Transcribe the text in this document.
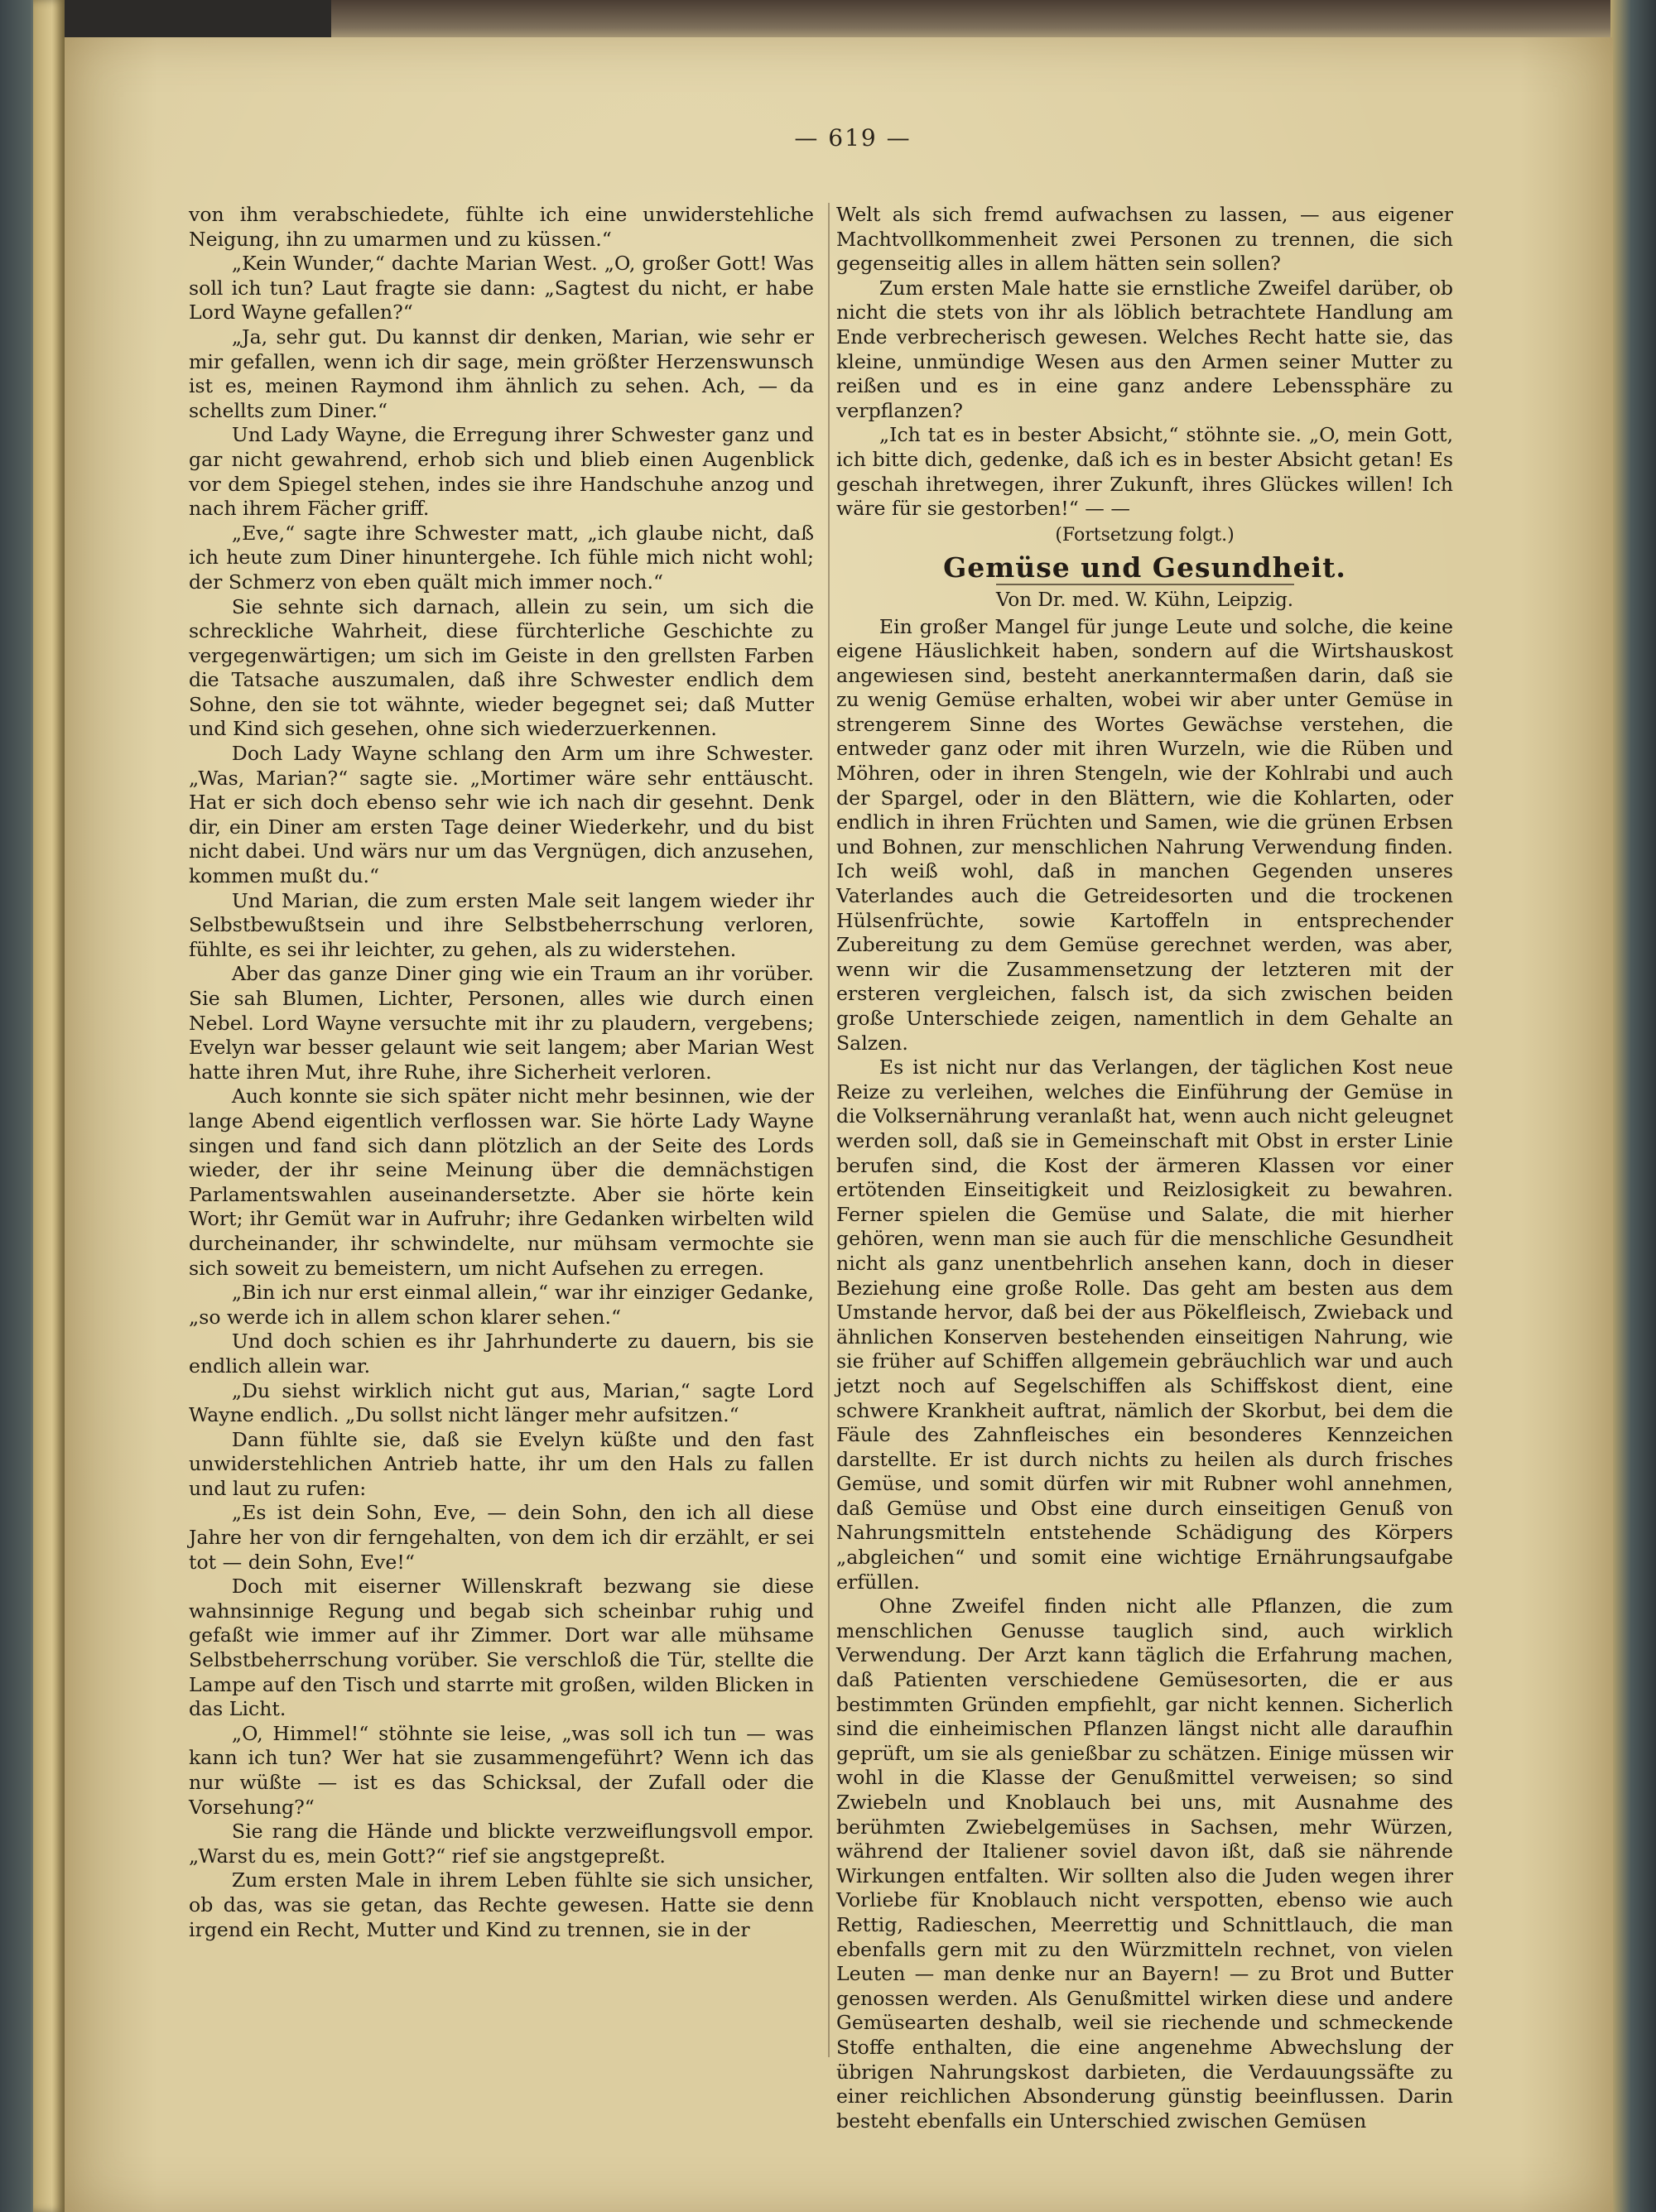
— 619 —

von ihm verabschiedete, fühlte ich eine unwiderstehliche Neigung, ihn zu umarmen und zu küssen.“

„Kein Wunder,“ dachte Marian West. „O, großer Gott! Was soll ich tun? Laut fragte sie dann: „Sagtest du nicht, er habe Lord Wayne gefallen?“

„Ja, sehr gut. Du kannst dir denken, Marian, wie sehr er mir gefallen, wenn ich dir sage, mein größter Herzenswunsch ist es, meinen Raymond ihm ähnlich zu sehen. Ach, — da schellts zum Diner.“

Und Lady Wayne, die Erregung ihrer Schwester ganz und gar nicht gewahrend, erhob sich und blieb einen Augenblick vor dem Spiegel stehen, indes sie ihre Handschuhe anzog und nach ihrem Fächer griff.

„Eve,“ sagte ihre Schwester matt, „ich glaube nicht, daß ich heute zum Diner hinuntergehe. Ich fühle mich nicht wohl; der Schmerz von eben quält mich immer noch.“

Sie sehnte sich darnach, allein zu sein, um sich die schreckliche Wahrheit, diese fürchterliche Geschichte zu vergegenwärtigen; um sich im Geiste in den grellsten Farben die Tatsache auszumalen, daß ihre Schwester endlich dem Sohne, den sie tot wähnte, wieder begegnet sei; daß Mutter und Kind sich gesehen, ohne sich wiederzuerkennen.

Doch Lady Wayne schlang den Arm um ihre Schwester. „Was, Marian?“ sagte sie. „Mortimer wäre sehr enttäuscht. Hat er sich doch ebenso sehr wie ich nach dir gesehnt. Denk dir, ein Diner am ersten Tage deiner Wiederkehr, und du bist nicht dabei. Und wärs nur um das Vergnügen, dich anzusehen, kommen mußt du.“

Und Marian, die zum ersten Male seit langem wieder ihr Selbstbewußtsein und ihre Selbstbeherrschung verloren, fühlte, es sei ihr leichter, zu gehen, als zu widerstehen.

Aber das ganze Diner ging wie ein Traum an ihr vorüber. Sie sah Blumen, Lichter, Personen, alles wie durch einen Nebel. Lord Wayne versuchte mit ihr zu plaudern, vergebens; Evelyn war besser gelaunt wie seit langem; aber Marian West hatte ihren Mut, ihre Ruhe, ihre Sicherheit verloren.

Auch konnte sie sich später nicht mehr besinnen, wie der lange Abend eigentlich verflossen war. Sie hörte Lady Wayne singen und fand sich dann plötzlich an der Seite des Lords wieder, der ihr seine Meinung über die demnächstigen Parlamentswahlen auseinandersetzte. Aber sie hörte kein Wort; ihr Gemüt war in Aufruhr; ihre Gedanken wirbelten wild durcheinander, ihr schwindelte, nur mühsam vermochte sie sich soweit zu bemeistern, um nicht Aufsehen zu erregen.

„Bin ich nur erst einmal allein,“ war ihr einziger Gedanke, „so werde ich in allem schon klarer sehen.“

Und doch schien es ihr Jahrhunderte zu dauern, bis sie endlich allein war.

„Du siehst wirklich nicht gut aus, Marian,“ sagte Lord Wayne endlich. „Du sollst nicht länger mehr aufsitzen.“

Dann fühlte sie, daß sie Evelyn küßte und den fast unwiderstehlichen Antrieb hatte, ihr um den Hals zu fallen und laut zu rufen:

„Es ist dein Sohn, Eve, — dein Sohn, den ich all diese Jahre her von dir ferngehalten, von dem ich dir erzählt, er sei tot — dein Sohn, Eve!“

Doch mit eiserner Willenskraft bezwang sie diese wahnsinnige Regung und begab sich scheinbar ruhig und gefaßt wie immer auf ihr Zimmer. Dort war alle mühsame Selbstbeherrschung vorüber. Sie verschloß die Tür, stellte die Lampe auf den Tisch und starrte mit großen, wilden Blicken in das Licht.

„O, Himmel!“ stöhnte sie leise, „was soll ich tun — was kann ich tun? Wer hat sie zusammengeführt? Wenn ich das nur wüßte — ist es das Schicksal, der Zufall oder die Vorsehung?“

Sie rang die Hände und blickte verzweiflungsvoll empor. „Warst du es, mein Gott?“ rief sie angstgepreßt.

Zum ersten Male in ihrem Leben fühlte sie sich unsicher, ob das, was sie getan, das Rechte gewesen. Hatte sie denn irgend ein Recht, Mutter und Kind zu trennen, sie in der

Welt als sich fremd aufwachsen zu lassen, — aus eigener Machtvollkommenheit zwei Personen zu trennen, die sich gegenseitig alles in allem hätten sein sollen?

Zum ersten Male hatte sie ernstliche Zweifel darüber, ob nicht die stets von ihr als löblich betrachtete Handlung am Ende verbrecherisch gewesen. Welches Recht hatte sie, das kleine, unmündige Wesen aus den Armen seiner Mutter zu reißen und es in eine ganz andere Lebenssphäre zu verpflanzen?

„Ich tat es in bester Absicht,“ stöhnte sie. „O, mein Gott, ich bitte dich, gedenke, daß ich es in bester Absicht getan! Es geschah ihretwegen, ihrer Zukunft, ihres Glückes willen! Ich wäre für sie gestorben!“ — —

(Fortsetzung folgt.)

Gemüse und Gesundheit.

Von Dr. med. W. Kühn, Leipzig.

Ein großer Mangel für junge Leute und solche, die keine eigene Häuslichkeit haben, sondern auf die Wirtshauskost angewiesen sind, besteht anerkanntermaßen darin, daß sie zu wenig Gemüse erhalten, wobei wir aber unter Gemüse in strengerem Sinne des Wortes Gewächse verstehen, die entweder ganz oder mit ihren Wurzeln, wie die Rüben und Möhren, oder in ihren Stengeln, wie der Kohlrabi und auch der Spargel, oder in den Blättern, wie die Kohlarten, oder endlich in ihren Früchten und Samen, wie die grünen Erbsen und Bohnen, zur menschlichen Nahrung Verwendung finden. Ich weiß wohl, daß in manchen Gegenden unseres Vaterlandes auch die Getreidesorten und die trockenen Hülsenfrüchte, sowie Kartoffeln in entsprechender Zubereitung zu dem Gemüse gerechnet werden, was aber, wenn wir die Zusammensetzung der letzteren mit der ersteren vergleichen, falsch ist, da sich zwischen beiden große Unterschiede zeigen, namentlich in dem Gehalte an Salzen.

Es ist nicht nur das Verlangen, der täglichen Kost neue Reize zu verleihen, welches die Einführung der Gemüse in die Volksernährung veranlaßt hat, wenn auch nicht geleugnet werden soll, daß sie in Gemeinschaft mit Obst in erster Linie berufen sind, die Kost der ärmeren Klassen vor einer ertötenden Einseitigkeit und Reizlosigkeit zu bewahren. Ferner spielen die Gemüse und Salate, die mit hierher gehören, wenn man sie auch für die menschliche Gesundheit nicht als ganz unentbehrlich ansehen kann, doch in dieser Beziehung eine große Rolle. Das geht am besten aus dem Umstande hervor, daß bei der aus Pökelfleisch, Zwieback und ähnlichen Konserven bestehenden einseitigen Nahrung, wie sie früher auf Schiffen allgemein gebräuchlich war und auch jetzt noch auf Segelschiffen als Schiffskost dient, eine schwere Krankheit auftrat, nämlich der Skorbut, bei dem die Fäule des Zahnfleisches ein besonderes Kennzeichen darstellte. Er ist durch nichts zu heilen als durch frisches Gemüse, und somit dürfen wir mit Rubner wohl annehmen, daß Gemüse und Obst eine durch einseitigen Genuß von Nahrungsmitteln entstehende Schädigung des Körpers „abgleichen“ und somit eine wichtige Ernährungsaufgabe erfüllen.

Ohne Zweifel finden nicht alle Pflanzen, die zum menschlichen Genusse tauglich sind, auch wirklich Verwendung. Der Arzt kann täglich die Erfahrung machen, daß Patienten verschiedene Gemüsesorten, die er aus bestimmten Gründen empfiehlt, gar nicht kennen. Sicherlich sind die einheimischen Pflanzen längst nicht alle daraufhin geprüft, um sie als genießbar zu schätzen. Einige müssen wir wohl in die Klasse der Genußmittel verweisen; so sind Zwiebeln und Knoblauch bei uns, mit Ausnahme des berühmten Zwiebelgemüses in Sachsen, mehr Würzen, während der Italiener soviel davon ißt, daß sie nährende Wirkungen entfalten. Wir sollten also die Juden wegen ihrer Vorliebe für Knoblauch nicht verspotten, ebenso wie auch Rettig, Radieschen, Meerrettig und Schnittlauch, die man ebenfalls gern mit zu den Würzmitteln rechnet, von vielen Leuten — man denke nur an Bayern! — zu Brot und Butter genossen werden. Als Genußmittel wirken diese und andere Gemüsearten deshalb, weil sie riechende und schmeckende Stoffe enthalten, die eine angenehme Abwechslung der übrigen Nahrungskost darbieten, die Verdauungssäfte zu einer reichlichen Absonderung günstig beeinflussen. Darin besteht ebenfalls ein Unterschied zwischen Gemüsen
